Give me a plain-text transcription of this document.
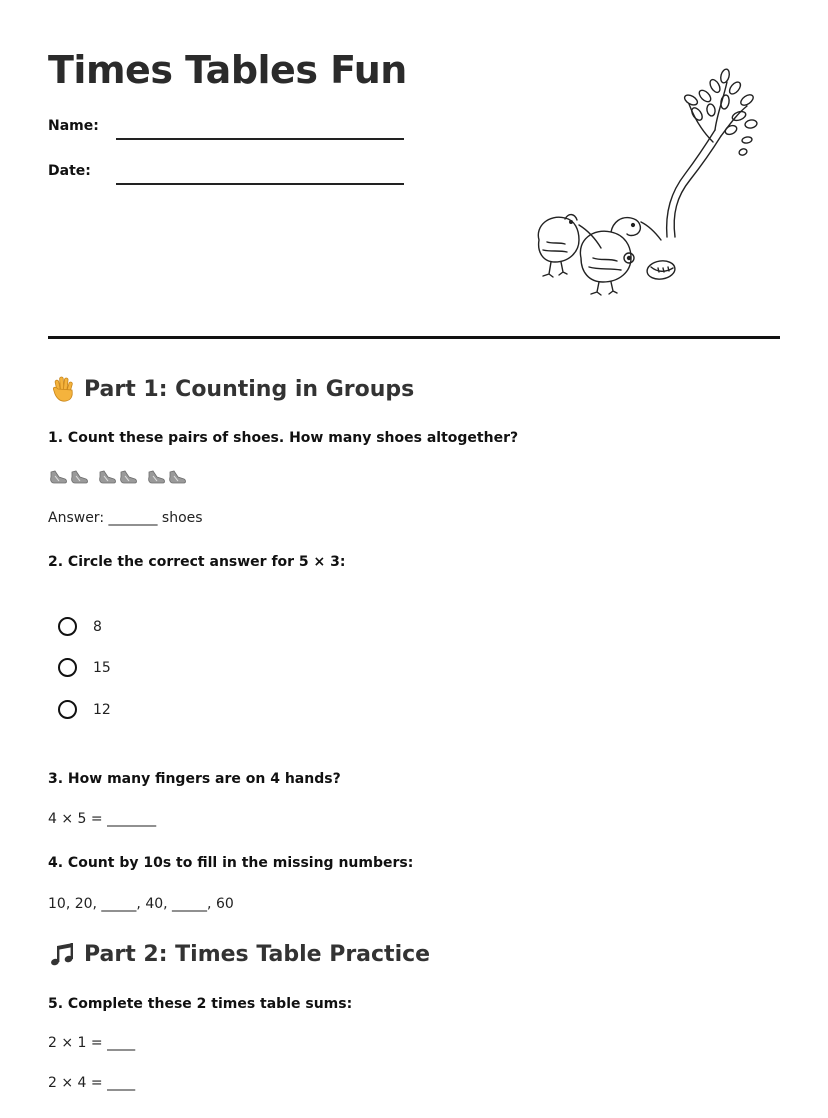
Times Tables Fun
Name:
Date:
Part 1: Counting in Groups
1. Count these pairs of shoes. How many shoes altogether?
Answer: _______ shoes
2. Circle the correct answer for 5 × 3:
8
15
12
3. How many fingers are on 4 hands?
4 × 5 = _______
4. Count by 10s to fill in the missing numbers:
10, 20, _____, 40, _____, 60
Part 2: Times Table Practice
5. Complete these 2 times table sums:
2 × 1 = ____
2 × 4 = ____
